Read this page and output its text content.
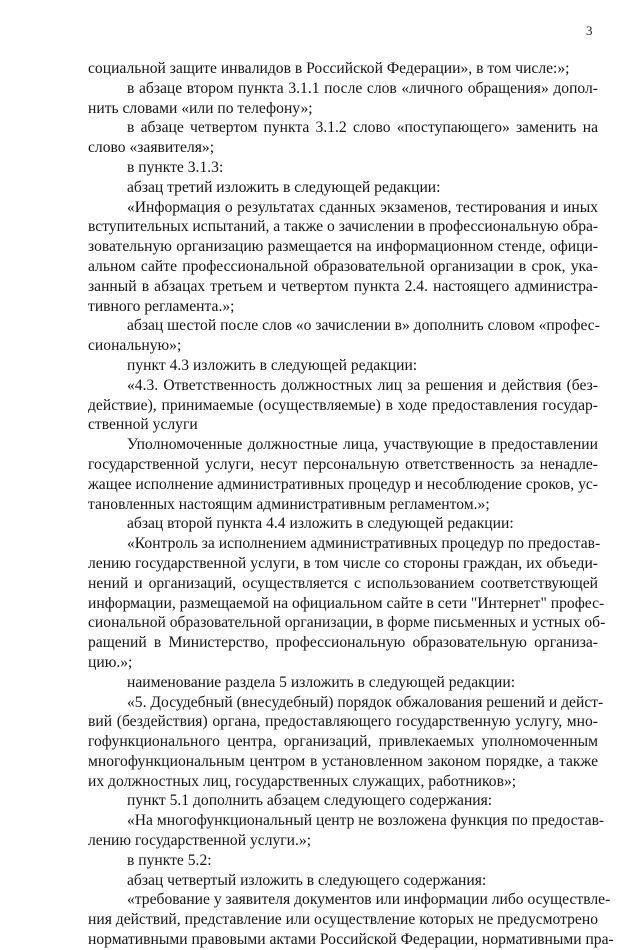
3
социальной защите инвалидов в Российской Федерации», в том числе:»;
в абзаце втором пункта 3.1.1 после слов «личного обращения» допол-
нить словами «или по телефону»;
в абзаце четвертом пункта 3.1.2 слово «поступающего» заменить на
слово «заявителя»;
в пункте 3.1.3:
абзац третий изложить в следующей редакции:
«Информация о результатах сданных экзаменов, тестирования и иных
вступительных испытаний, а также о зачислении в профессиональную обра-
зовательную организацию размещается на информационном стенде, офици-
альном сайте профессиональной образовательной организации в срок, ука-
занный в абзацах третьем и четвертом пункта 2.4. настоящего администра-
тивного регламента.»;
абзац шестой после слов «о зачислении в» дополнить словом «профес-
сиональную»;
пункт 4.3 изложить в следующей редакции:
«4.3. Ответственность должностных лиц за решения и действия (без-
действие), принимаемые (осуществляемые) в ходе предоставления государ-
ственной услуги
Уполномоченные должностные лица, участвующие в предоставлении
государственной услуги, несут персональную ответственность за ненадле-
жащее исполнение административных процедур и несоблюдение сроков, ус-
тановленных настоящим административным регламентом.»;
абзац второй пункта 4.4 изложить в следующей редакции:
«Контроль за исполнением административных процедур по предостав-
лению государственной услуги, в том числе со стороны граждан, их объеди-
нений и организаций, осуществляется с использованием соответствующей
информации, размещаемой на официальном сайте в сети "Интернет" профес-
сиональной образовательной организации, в форме письменных и устных об-
ращений в Министерство, профессиональную образовательную организа-
цию.»;
наименование раздела 5 изложить в следующей редакции:
«5. Досудебный (внесудебный) порядок обжалования решений и дейст-
вий (бездействия) органа, предоставляющего государственную услугу, мно-
гофункционального центра, организаций, привлекаемых уполномоченным
многофункциональным центром в установленном законом порядке, а также
их должностных лиц, государственных служащих, работников»;
пункт 5.1 дополнить абзацем следующего содержания:
«На многофункциональный центр не возложена функция по предостав-
лению государственной услуги.»;
в пункте 5.2:
абзац четвертый изложить в следующего содержания:
«требование у заявителя документов или информации либо осуществле-
ния действий, представление или осуществление которых не предусмотрено
нормативными правовыми актами Российской Федерации, нормативными пра-
